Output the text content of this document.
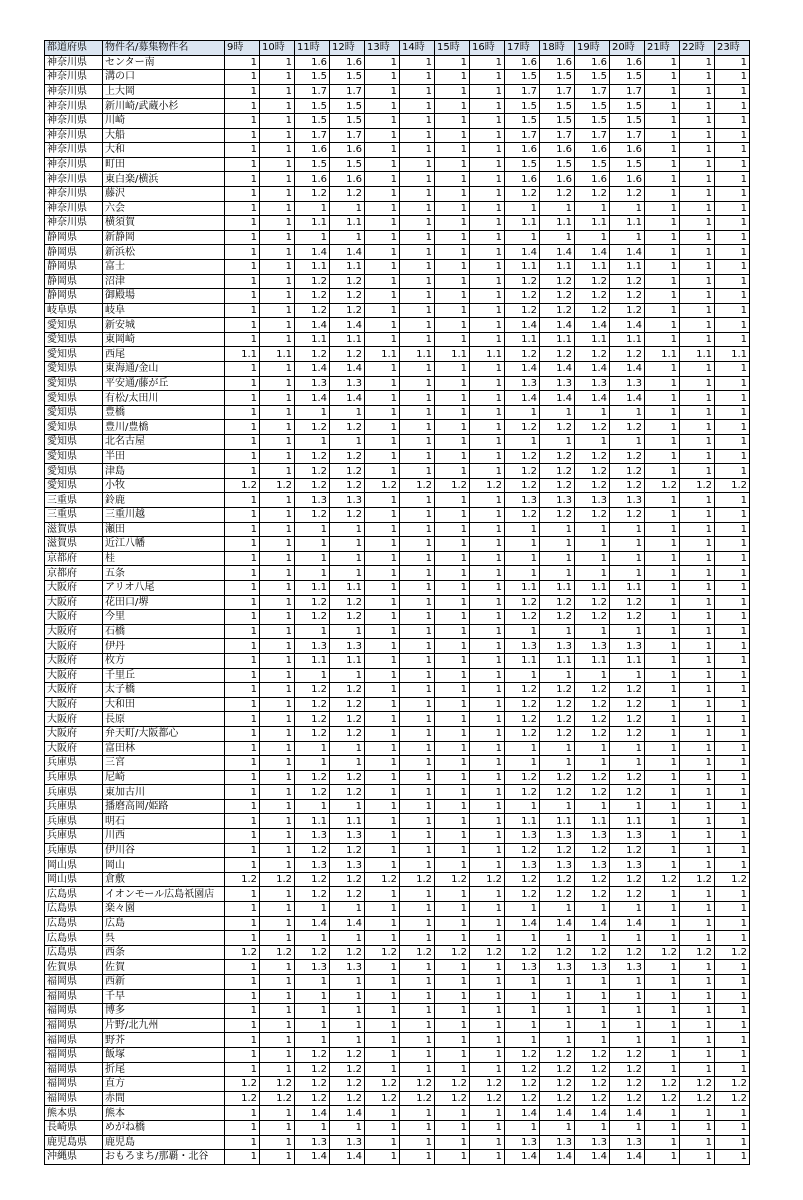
都道府県	物件名/募集物件名	9時	10時	11時	12時	13時	14時	15時	16時	17時	18時	19時	20時	21時	22時	23時
神奈川県	センター南	1	1	1.6	1.6	1	1	1	1	1.6	1.6	1.6	1.6	1	1	1
神奈川県	溝の口	1	1	1.5	1.5	1	1	1	1	1.5	1.5	1.5	1.5	1	1	1
神奈川県	上大岡	1	1	1.7	1.7	1	1	1	1	1.7	1.7	1.7	1.7	1	1	1
神奈川県	新川崎/武蔵小杉	1	1	1.5	1.5	1	1	1	1	1.5	1.5	1.5	1.5	1	1	1
神奈川県	川崎	1	1	1.5	1.5	1	1	1	1	1.5	1.5	1.5	1.5	1	1	1
神奈川県	大船	1	1	1.7	1.7	1	1	1	1	1.7	1.7	1.7	1.7	1	1	1
神奈川県	大和	1	1	1.6	1.6	1	1	1	1	1.6	1.6	1.6	1.6	1	1	1
神奈川県	町田	1	1	1.5	1.5	1	1	1	1	1.5	1.5	1.5	1.5	1	1	1
神奈川県	東白楽/横浜	1	1	1.6	1.6	1	1	1	1	1.6	1.6	1.6	1.6	1	1	1
神奈川県	藤沢	1	1	1.2	1.2	1	1	1	1	1.2	1.2	1.2	1.2	1	1	1
神奈川県	六会	1	1	1	1	1	1	1	1	1	1	1	1	1	1	1
神奈川県	横須賀	1	1	1.1	1.1	1	1	1	1	1.1	1.1	1.1	1.1	1	1	1
静岡県	新静岡	1	1	1	1	1	1	1	1	1	1	1	1	1	1	1
静岡県	新浜松	1	1	1.4	1.4	1	1	1	1	1.4	1.4	1.4	1.4	1	1	1
静岡県	富士	1	1	1.1	1.1	1	1	1	1	1.1	1.1	1.1	1.1	1	1	1
静岡県	沼津	1	1	1.2	1.2	1	1	1	1	1.2	1.2	1.2	1.2	1	1	1
静岡県	御殿場	1	1	1.2	1.2	1	1	1	1	1.2	1.2	1.2	1.2	1	1	1
岐阜県	岐阜	1	1	1.2	1.2	1	1	1	1	1.2	1.2	1.2	1.2	1	1	1
愛知県	新安城	1	1	1.4	1.4	1	1	1	1	1.4	1.4	1.4	1.4	1	1	1
愛知県	東岡崎	1	1	1.1	1.1	1	1	1	1	1.1	1.1	1.1	1.1	1	1	1
愛知県	西尾	1.1	1.1	1.2	1.2	1.1	1.1	1.1	1.1	1.2	1.2	1.2	1.2	1.1	1.1	1.1
愛知県	東海通/金山	1	1	1.4	1.4	1	1	1	1	1.4	1.4	1.4	1.4	1	1	1
愛知県	平安通/藤が丘	1	1	1.3	1.3	1	1	1	1	1.3	1.3	1.3	1.3	1	1	1
愛知県	有松/太田川	1	1	1.4	1.4	1	1	1	1	1.4	1.4	1.4	1.4	1	1	1
愛知県	豊橋	1	1	1	1	1	1	1	1	1	1	1	1	1	1	1
愛知県	豊川/豊橋	1	1	1.2	1.2	1	1	1	1	1.2	1.2	1.2	1.2	1	1	1
愛知県	北名古屋	1	1	1	1	1	1	1	1	1	1	1	1	1	1	1
愛知県	半田	1	1	1.2	1.2	1	1	1	1	1.2	1.2	1.2	1.2	1	1	1
愛知県	津島	1	1	1.2	1.2	1	1	1	1	1.2	1.2	1.2	1.2	1	1	1
愛知県	小牧	1.2	1.2	1.2	1.2	1.2	1.2	1.2	1.2	1.2	1.2	1.2	1.2	1.2	1.2	1.2
三重県	鈴鹿	1	1	1.3	1.3	1	1	1	1	1.3	1.3	1.3	1.3	1	1	1
三重県	三重川越	1	1	1.2	1.2	1	1	1	1	1.2	1.2	1.2	1.2	1	1	1
滋賀県	瀬田	1	1	1	1	1	1	1	1	1	1	1	1	1	1	1
滋賀県	近江八幡	1	1	1	1	1	1	1	1	1	1	1	1	1	1	1
京都府	桂	1	1	1	1	1	1	1	1	1	1	1	1	1	1	1
京都府	五条	1	1	1	1	1	1	1	1	1	1	1	1	1	1	1
大阪府	アリオ八尾	1	1	1.1	1.1	1	1	1	1	1.1	1.1	1.1	1.1	1	1	1
大阪府	花田口/堺	1	1	1.2	1.2	1	1	1	1	1.2	1.2	1.2	1.2	1	1	1
大阪府	今里	1	1	1.2	1.2	1	1	1	1	1.2	1.2	1.2	1.2	1	1	1
大阪府	石橋	1	1	1	1	1	1	1	1	1	1	1	1	1	1	1
大阪府	伊丹	1	1	1.3	1.3	1	1	1	1	1.3	1.3	1.3	1.3	1	1	1
大阪府	枚方	1	1	1.1	1.1	1	1	1	1	1.1	1.1	1.1	1.1	1	1	1
大阪府	千里丘	1	1	1	1	1	1	1	1	1	1	1	1	1	1	1
大阪府	太子橋	1	1	1.2	1.2	1	1	1	1	1.2	1.2	1.2	1.2	1	1	1
大阪府	大和田	1	1	1.2	1.2	1	1	1	1	1.2	1.2	1.2	1.2	1	1	1
大阪府	長原	1	1	1.2	1.2	1	1	1	1	1.2	1.2	1.2	1.2	1	1	1
大阪府	弁天町/大阪都心	1	1	1.2	1.2	1	1	1	1	1.2	1.2	1.2	1.2	1	1	1
大阪府	富田林	1	1	1	1	1	1	1	1	1	1	1	1	1	1	1
兵庫県	三宮	1	1	1	1	1	1	1	1	1	1	1	1	1	1	1
兵庫県	尼崎	1	1	1.2	1.2	1	1	1	1	1.2	1.2	1.2	1.2	1	1	1
兵庫県	東加古川	1	1	1.2	1.2	1	1	1	1	1.2	1.2	1.2	1.2	1	1	1
兵庫県	播磨高岡/姫路	1	1	1	1	1	1	1	1	1	1	1	1	1	1	1
兵庫県	明石	1	1	1.1	1.1	1	1	1	1	1.1	1.1	1.1	1.1	1	1	1
兵庫県	川西	1	1	1.3	1.3	1	1	1	1	1.3	1.3	1.3	1.3	1	1	1
兵庫県	伊川谷	1	1	1.2	1.2	1	1	1	1	1.2	1.2	1.2	1.2	1	1	1
岡山県	岡山	1	1	1.3	1.3	1	1	1	1	1.3	1.3	1.3	1.3	1	1	1
岡山県	倉敷	1.2	1.2	1.2	1.2	1.2	1.2	1.2	1.2	1.2	1.2	1.2	1.2	1.2	1.2	1.2
広島県	イオンモール広島祇園店	1	1	1.2	1.2	1	1	1	1	1.2	1.2	1.2	1.2	1	1	1
広島県	楽々園	1	1	1	1	1	1	1	1	1	1	1	1	1	1	1
広島県	広島	1	1	1.4	1.4	1	1	1	1	1.4	1.4	1.4	1.4	1	1	1
広島県	呉	1	1	1	1	1	1	1	1	1	1	1	1	1	1	1
広島県	西条	1.2	1.2	1.2	1.2	1.2	1.2	1.2	1.2	1.2	1.2	1.2	1.2	1.2	1.2	1.2
佐賀県	佐賀	1	1	1.3	1.3	1	1	1	1	1.3	1.3	1.3	1.3	1	1	1
福岡県	西新	1	1	1	1	1	1	1	1	1	1	1	1	1	1	1
福岡県	千早	1	1	1	1	1	1	1	1	1	1	1	1	1	1	1
福岡県	博多	1	1	1	1	1	1	1	1	1	1	1	1	1	1	1
福岡県	片野/北九州	1	1	1	1	1	1	1	1	1	1	1	1	1	1	1
福岡県	野芥	1	1	1	1	1	1	1	1	1	1	1	1	1	1	1
福岡県	飯塚	1	1	1.2	1.2	1	1	1	1	1.2	1.2	1.2	1.2	1	1	1
福岡県	折尾	1	1	1.2	1.2	1	1	1	1	1.2	1.2	1.2	1.2	1	1	1
福岡県	直方	1.2	1.2	1.2	1.2	1.2	1.2	1.2	1.2	1.2	1.2	1.2	1.2	1.2	1.2	1.2
福岡県	赤間	1.2	1.2	1.2	1.2	1.2	1.2	1.2	1.2	1.2	1.2	1.2	1.2	1.2	1.2	1.2
熊本県	熊本	1	1	1.4	1.4	1	1	1	1	1.4	1.4	1.4	1.4	1	1	1
長崎県	めがね橋	1	1	1	1	1	1	1	1	1	1	1	1	1	1	1
鹿児島県	鹿児島	1	1	1.3	1.3	1	1	1	1	1.3	1.3	1.3	1.3	1	1	1
沖縄県	おもろまち/那覇・北谷	1	1	1.4	1.4	1	1	1	1	1.4	1.4	1.4	1.4	1	1	1
